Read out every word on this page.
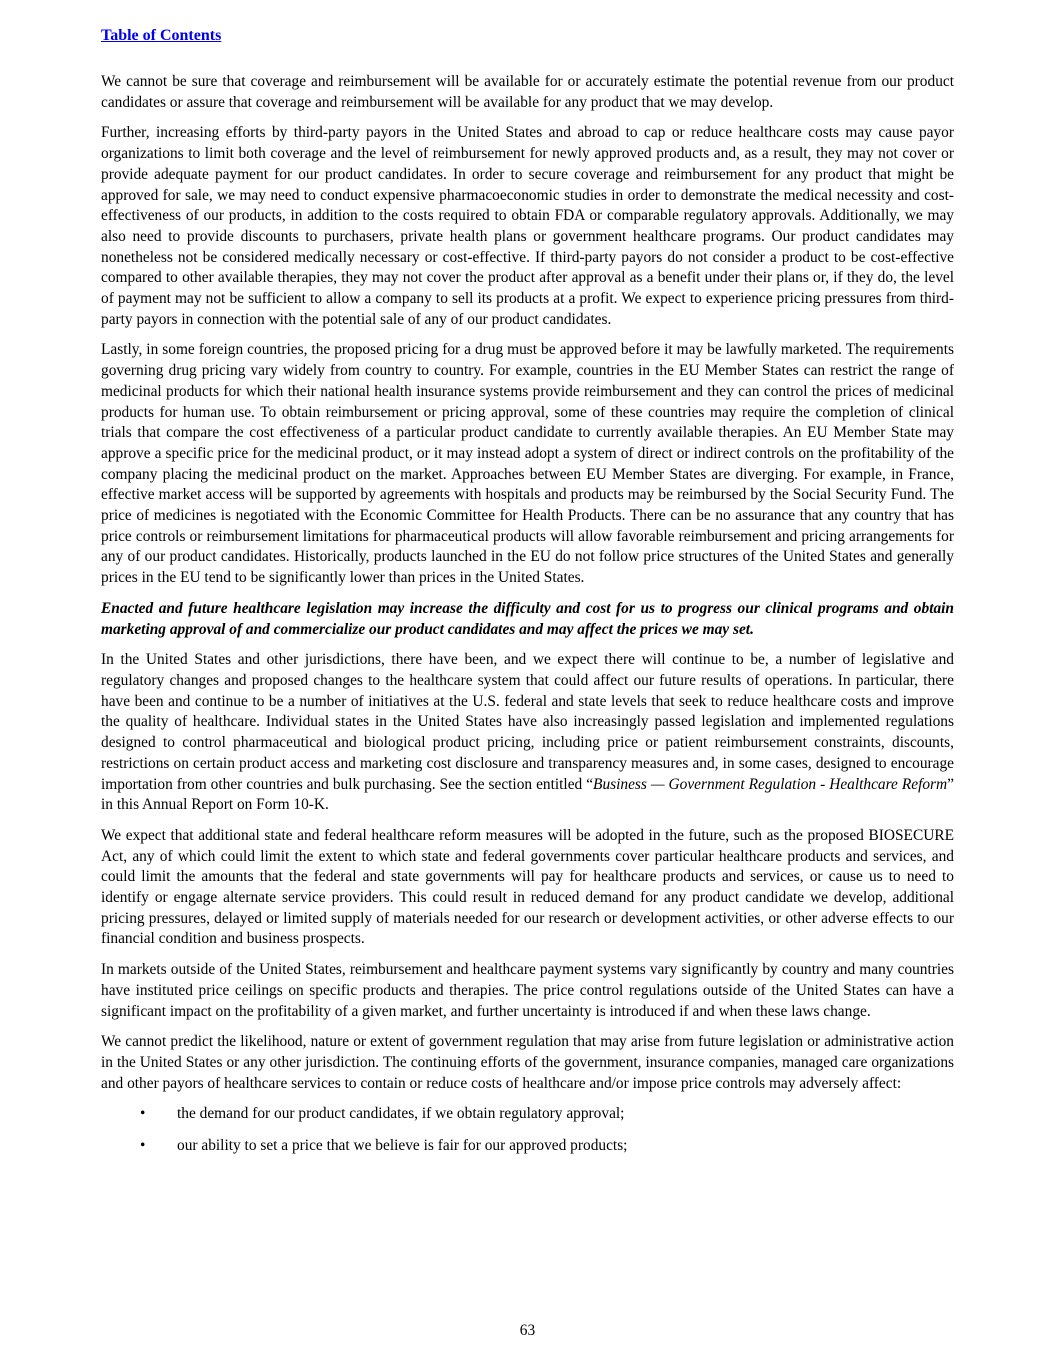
Table of Contents

We cannot be sure that coverage and reimbursement will be available for or accurately estimate the potential revenue from our product candidates or assure that coverage and reimbursement will be available for any product that we may develop.

Further, increasing efforts by third-party payors in the United States and abroad to cap or reduce healthcare costs may cause payor organizations to limit both coverage and the level of reimbursement for newly approved products and, as a result, they may not cover or provide adequate payment for our product candidates. In order to secure coverage and reimbursement for any product that might be approved for sale, we may need to conduct expensive pharmacoeconomic studies in order to demonstrate the medical necessity and cost-effectiveness of our products, in addition to the costs required to obtain FDA or comparable regulatory approvals. Additionally, we may also need to provide discounts to purchasers, private health plans or government healthcare programs. Our product candidates may nonetheless not be considered medically necessary or cost-effective. If third-party payors do not consider a product to be cost-effective compared to other available therapies, they may not cover the product after approval as a benefit under their plans or, if they do, the level of payment may not be sufficient to allow a company to sell its products at a profit. We expect to experience pricing pressures from third-party payors in connection with the potential sale of any of our product candidates.

Lastly, in some foreign countries, the proposed pricing for a drug must be approved before it may be lawfully marketed. The requirements governing drug pricing vary widely from country to country. For example, countries in the EU Member States can restrict the range of medicinal products for which their national health insurance systems provide reimbursement and they can control the prices of medicinal products for human use. To obtain reimbursement or pricing approval, some of these countries may require the completion of clinical trials that compare the cost effectiveness of a particular product candidate to currently available therapies. An EU Member State may approve a specific price for the medicinal product, or it may instead adopt a system of direct or indirect controls on the profitability of the company placing the medicinal product on the market. Approaches between EU Member States are diverging. For example, in France, effective market access will be supported by agreements with hospitals and products may be reimbursed by the Social Security Fund. The price of medicines is negotiated with the Economic Committee for Health Products. There can be no assurance that any country that has price controls or reimbursement limitations for pharmaceutical products will allow favorable reimbursement and pricing arrangements for any of our product candidates. Historically, products launched in the EU do not follow price structures of the United States and generally prices in the EU tend to be significantly lower than prices in the United States.

Enacted and future healthcare legislation may increase the difficulty and cost for us to progress our clinical programs and obtain marketing approval of and commercialize our product candidates and may affect the prices we may set.

In the United States and other jurisdictions, there have been, and we expect there will continue to be, a number of legislative and regulatory changes and proposed changes to the healthcare system that could affect our future results of operations. In particular, there have been and continue to be a number of initiatives at the U.S. federal and state levels that seek to reduce healthcare costs and improve the quality of healthcare. Individual states in the United States have also increasingly passed legislation and implemented regulations designed to control pharmaceutical and biological product pricing, including price or patient reimbursement constraints, discounts, restrictions on certain product access and marketing cost disclosure and transparency measures and, in some cases, designed to encourage importation from other countries and bulk purchasing. See the section entitled “Business — Government Regulation - Healthcare Reform” in this Annual Report on Form 10-K.

We expect that additional state and federal healthcare reform measures will be adopted in the future, such as the proposed BIOSECURE Act, any of which could limit the extent to which state and federal governments cover particular healthcare products and services, and could limit the amounts that the federal and state governments will pay for healthcare products and services, or cause us to need to identify or engage alternate service providers. This could result in reduced demand for any product candidate we develop, additional pricing pressures, delayed or limited supply of materials needed for our research or development activities, or other adverse effects to our financial condition and business prospects.

In markets outside of the United States, reimbursement and healthcare payment systems vary significantly by country and many countries have instituted price ceilings on specific products and therapies. The price control regulations outside of the United States can have a significant impact on the profitability of a given market, and further uncertainty is introduced if and when these laws change.

We cannot predict the likelihood, nature or extent of government regulation that may arise from future legislation or administrative action in the United States or any other jurisdiction. The continuing efforts of the government, insurance companies, managed care organizations and other payors of healthcare services to contain or reduce costs of healthcare and/or impose price controls may adversely affect:

• the demand for our product candidates, if we obtain regulatory approval;
• our ability to set a price that we believe is fair for our approved products;
63
